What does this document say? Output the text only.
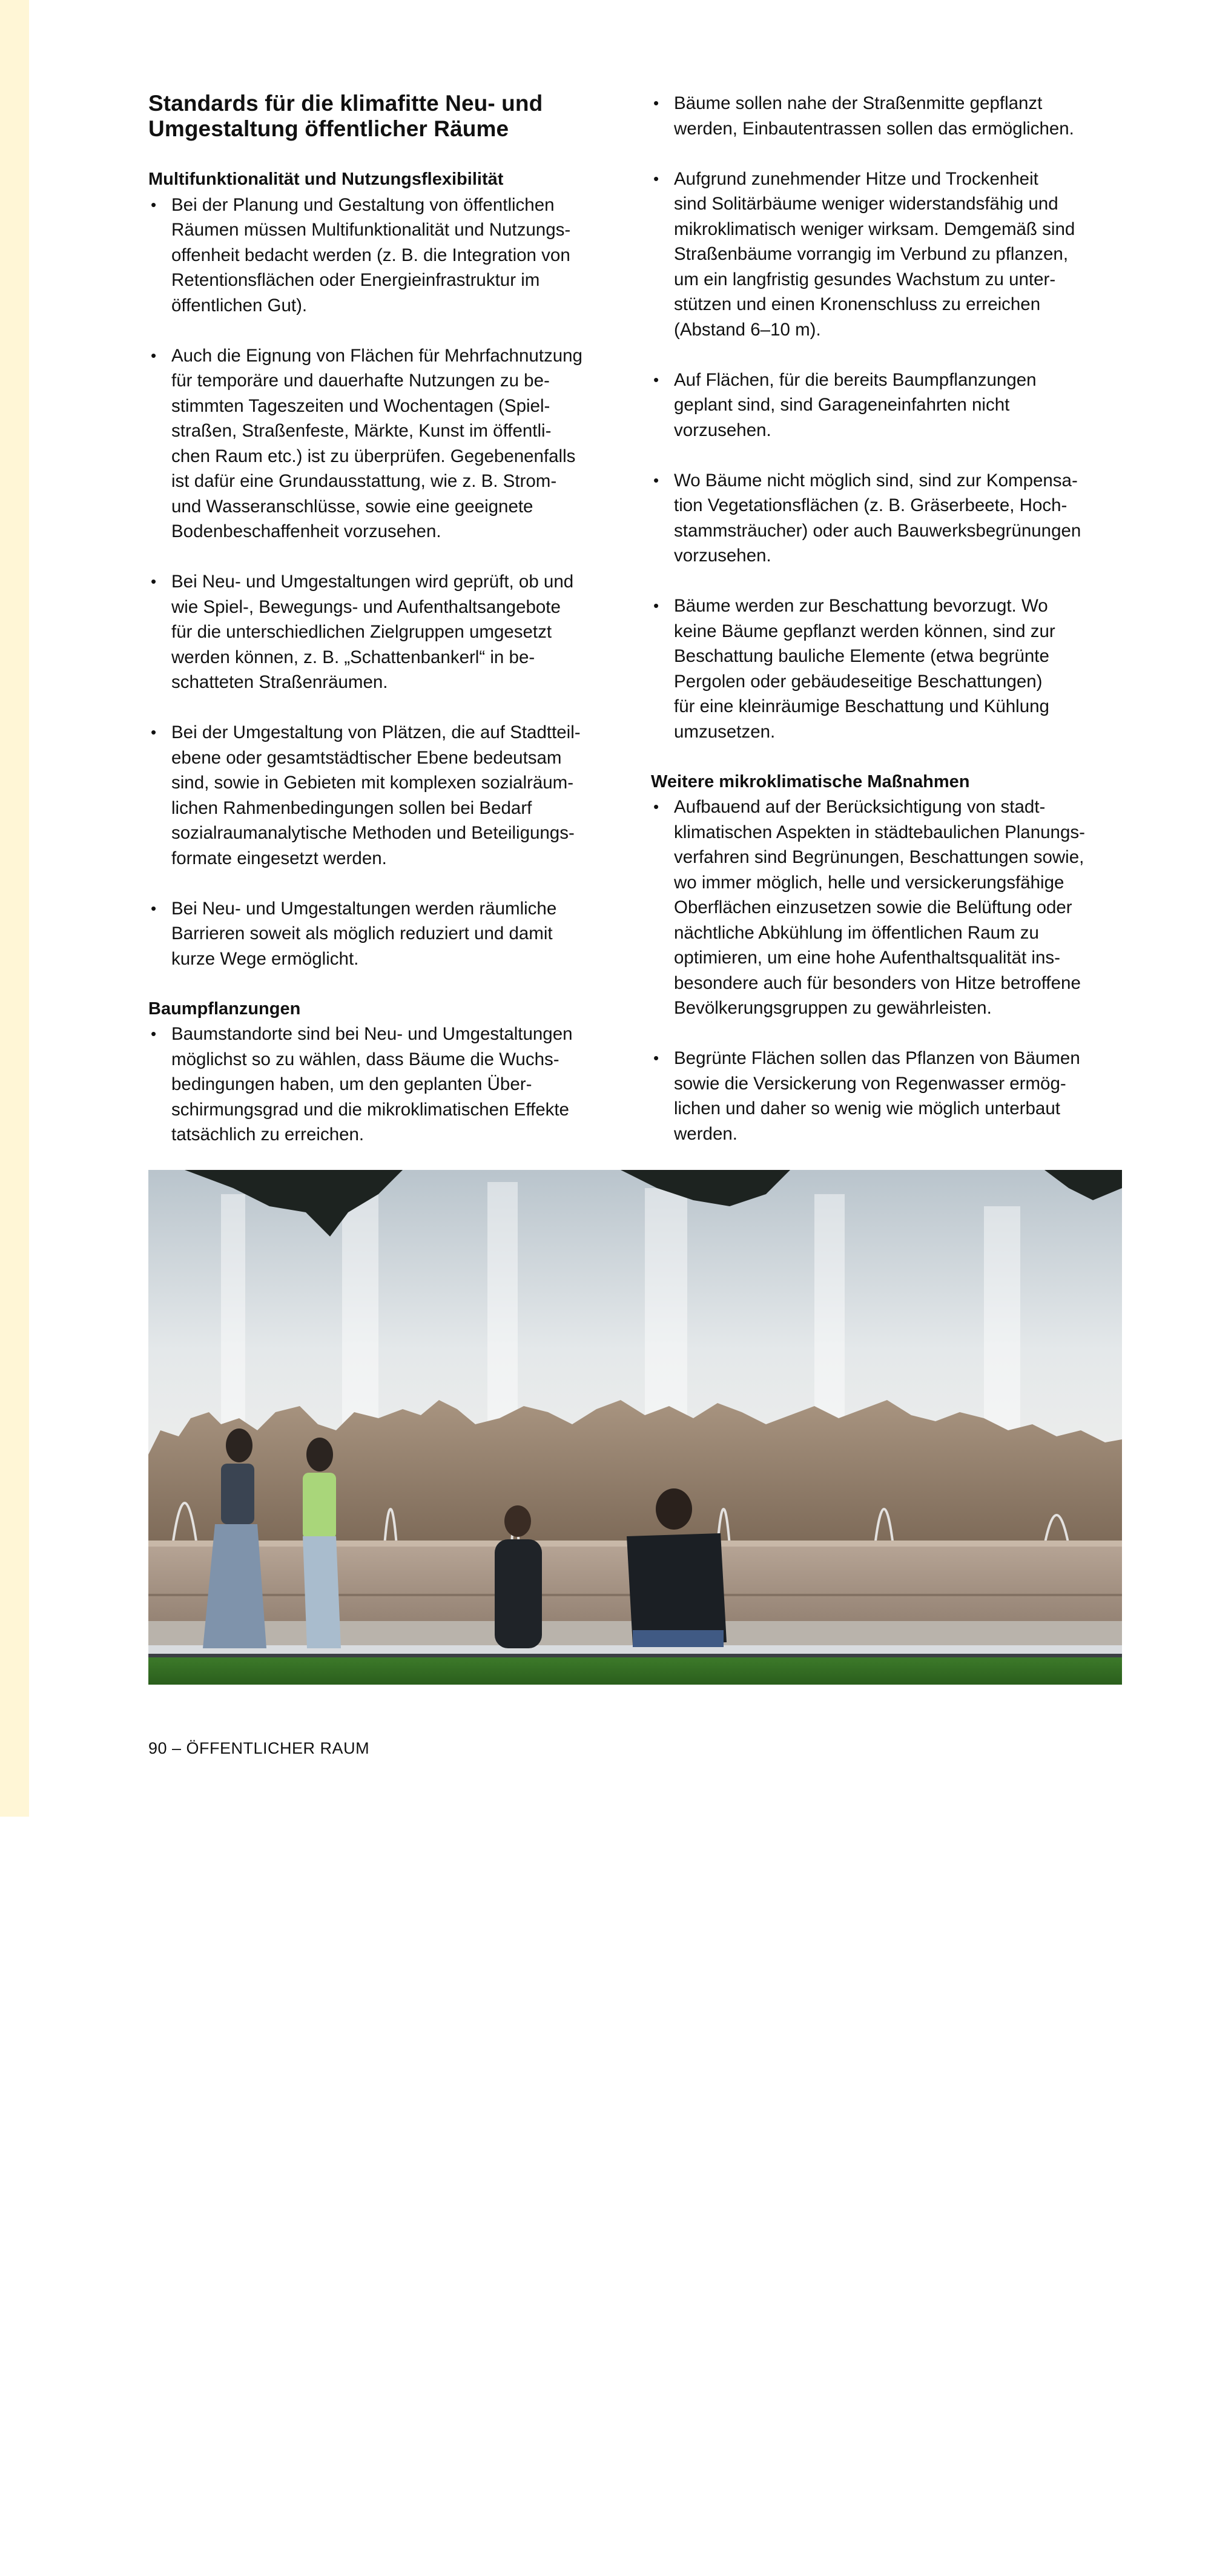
Standards für die klimafitte Neu- und
Umgestaltung öffentlicher Räume
Multifunktionalität und Nutzungsflexibilität
• Bei der Planung und Gestaltung von öffentlichen
Räumen müssen Multifunktionalität und Nutzungs-
offenheit bedacht werden (z. B. die Integration von
Retentionsflächen oder Energieinfrastruktur im
öffentlichen Gut).
• Auch die Eignung von Flächen für Mehrfachnutzung
für temporäre und dauerhafte Nutzungen zu be-
stimmten Tageszeiten und Wochentagen (Spiel-
straßen, Straßenfeste, Märkte, Kunst im öffentli-
chen Raum etc.) ist zu überprüfen. Gegebenenfalls
ist dafür eine Grundausstattung, wie z. B. Strom-
und Wasseranschlüsse, sowie eine geeignete
Bodenbeschaffenheit vorzusehen.
• Bei Neu- und Umgestaltungen wird geprüft, ob und
wie Spiel-, Bewegungs- und Aufenthaltsangebote
für die unterschiedlichen Zielgruppen umgesetzt
werden können, z. B. „Schattenbankerl“ in be-
schatteten Straßenräumen.
• Bei der Umgestaltung von Plätzen, die auf Stadtteil-
ebene oder gesamtstädtischer Ebene bedeutsam
sind, sowie in Gebieten mit komplexen sozialräum-
lichen Rahmenbedingungen sollen bei Bedarf
sozialraumanalytische Methoden und Beteiligungs-
formate eingesetzt werden.
• Bei Neu- und Umgestaltungen werden räumliche
Barrieren soweit als möglich reduziert und damit
kurze Wege ermöglicht.
Baumpflanzungen
• Baumstandorte sind bei Neu- und Umgestaltungen
möglichst so zu wählen, dass Bäume die Wuchs-
bedingungen haben, um den geplanten Über-
schirmungsgrad und die mikroklimatischen Effekte
tatsächlich zu erreichen.
• Bäume sollen nahe der Straßenmitte gepflanzt
werden, Einbautentrassen sollen das ermöglichen.
• Aufgrund zunehmender Hitze und Trockenheit
sind Solitärbäume weniger widerstandsfähig und
mikroklimatisch weniger wirksam. Demgemäß sind
Straßenbäume vorrangig im Verbund zu pflanzen,
um ein langfristig gesundes Wachstum zu unter-
stützen und einen Kronenschluss zu erreichen
(Abstand 6–10 m).
• Auf Flächen, für die bereits Baumpflanzungen
geplant sind, sind Garageneinfahrten nicht
vorzusehen.
• Wo Bäume nicht möglich sind, sind zur Kompensa-
tion Vegetationsflächen (z. B. Gräserbeete, Hoch-
stammsträucher) oder auch Bauwerksbegrünungen
vorzusehen.
• Bäume werden zur Beschattung bevorzugt. Wo
keine Bäume gepflanzt werden können, sind zur
Beschattung bauliche Elemente (etwa begrünte
Pergolen oder gebäudeseitige Beschattungen)
für eine kleinräumige Beschattung und Kühlung
umzusetzen.
Weitere mikroklimatische Maßnahmen
• Aufbauend auf der Berücksichtigung von stadt-
klimatischen Aspekten in städtebaulichen Planungs-
verfahren sind Begrünungen, Beschattungen sowie,
wo immer möglich, helle und versickerungsfähige
Oberflächen einzusetzen sowie die Belüftung oder
nächtliche Abkühlung im öffentlichen Raum zu
optimieren, um eine hohe Aufenthaltsqualität ins-
besondere auch für besonders von Hitze betroffene
Bevölkerungsgruppen zu gewährleisten.
• Begrünte Flächen sollen das Pflanzen von Bäumen
sowie die Versickerung von Regenwasser ermög-
lichen und daher so wenig wie möglich unterbaut
werden.
Stadt Wien / Gerd Götzenbrucker
90 – ÖFFENTLICHER RAUM
